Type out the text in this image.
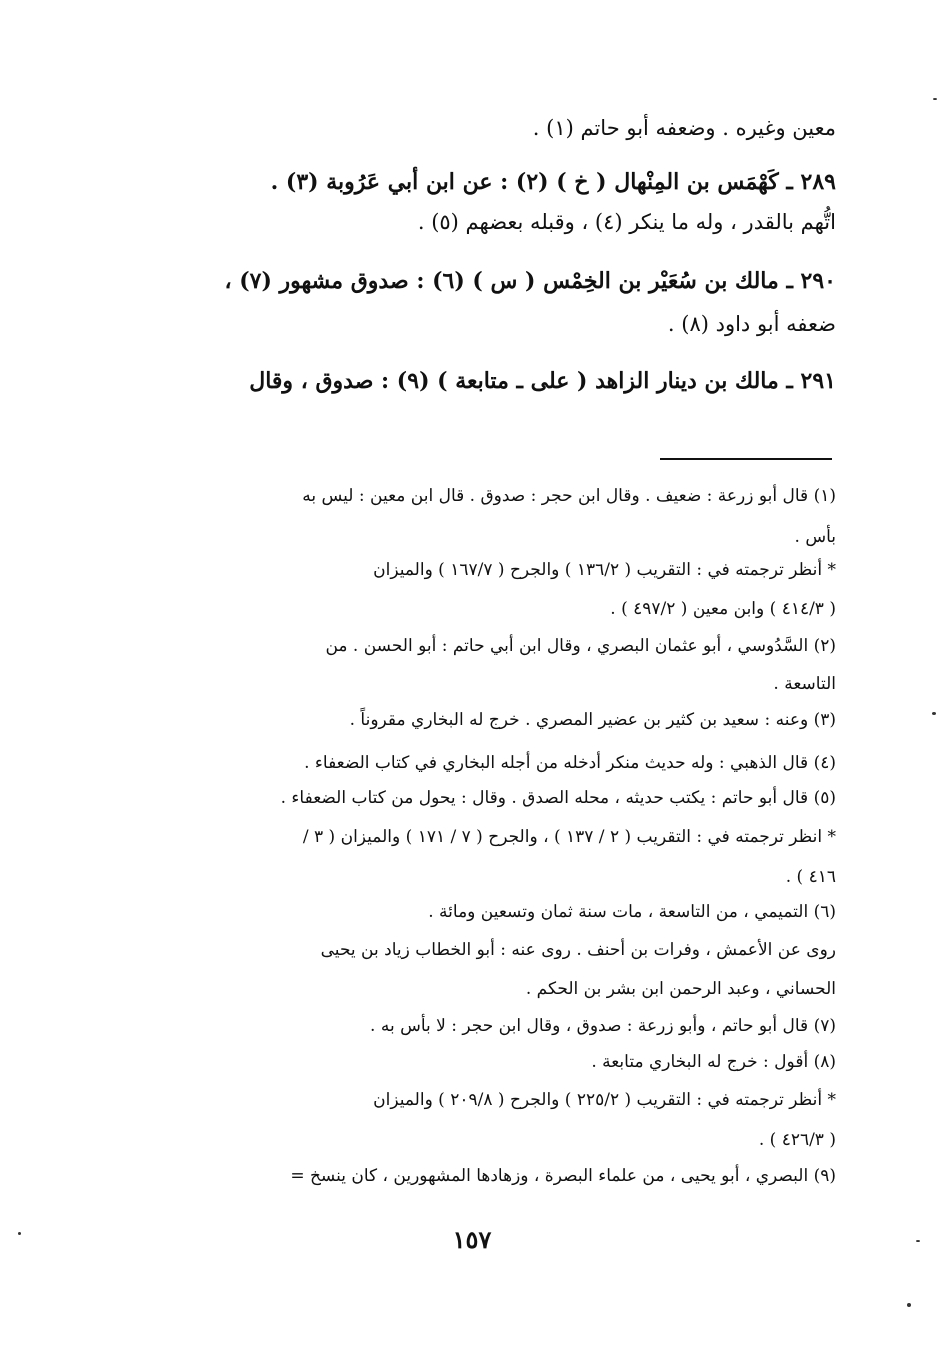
معين وغيره . وضعفه أبو حاتم (١) .
٢٨٩ ـ كَهْمَس بن المِنْهال ( خ ) (٢) : عن ابن أبي عَرُوبة (٣) .
اتُّهم بالقدر ، وله ما ينكر (٤) ، وقبله بعضهم (٥) .
٢٩٠ ـ مالك بن سُعَيْر بن الخِمْس ( س ) (٦) : صدوق مشهور (٧) ،
ضعفه أبو داود (٨) .
٢٩١ ـ مالك بن دينار الزاهد ( على ـ متابعة ) (٩) : صدوق ، وقال
(١) قال أبو زرعة : ضعيف . وقال ابن حجر : صدوق . قال ابن معين : ليس به
بأس .
* أنظر ترجمته في : التقريب ( ١٣٦/٢ ) والجرح ( ١٦٧/٧ ) والميزان
( ٤١٤/٣ ) وابن معين ( ٤٩٧/٢ ) .
(٢) السَّدُوسي ، أبو عثمان البصري ، وقال ابن أبي حاتم : أبو الحسن . من
التاسعة .
(٣) وعنه : سعيد بن كثير بن عضير المصري . خرج له البخاري مقروناً .
(٤) قال الذهبي : وله حديث منكر أدخله من أجله البخاري في كتاب الضعفاء .
(٥) قال أبو حاتم : يكتب حديثه ، محله الصدق . وقال : يحول من كتاب الضعفاء .
* انظر ترجمته في : التقريب ( ٢ / ١٣٧ ) ، والجرح ( ٧ / ١٧١ ) والميزان ( ٣ /
٤١٦ ) .
(٦) التميمي ، من التاسعة ، مات سنة ثمان وتسعين ومائة .
روى عن الأعمش ، وفرات بن أحنف . روى عنه : أبو الخطاب زياد بن يحيى
الحساني ، وعبد الرحمن ابن بشر بن الحكم .
(٧) قال أبو حاتم ، وأبو زرعة : صدوق ، وقال ابن حجر : لا بأس به .
(٨) أقول : خرج له البخاري متابعة .
* أنظر ترجمته في : التقريب ( ٢٢٥/٢ ) والجرح ( ٢٠٩/٨ ) والميزان
( ٤٢٦/٣ ) .
(٩) البصري ، أبو يحيى ، من علماء البصرة ، وزهادها المشهورين ، كان ينسخ =
١٥٧
